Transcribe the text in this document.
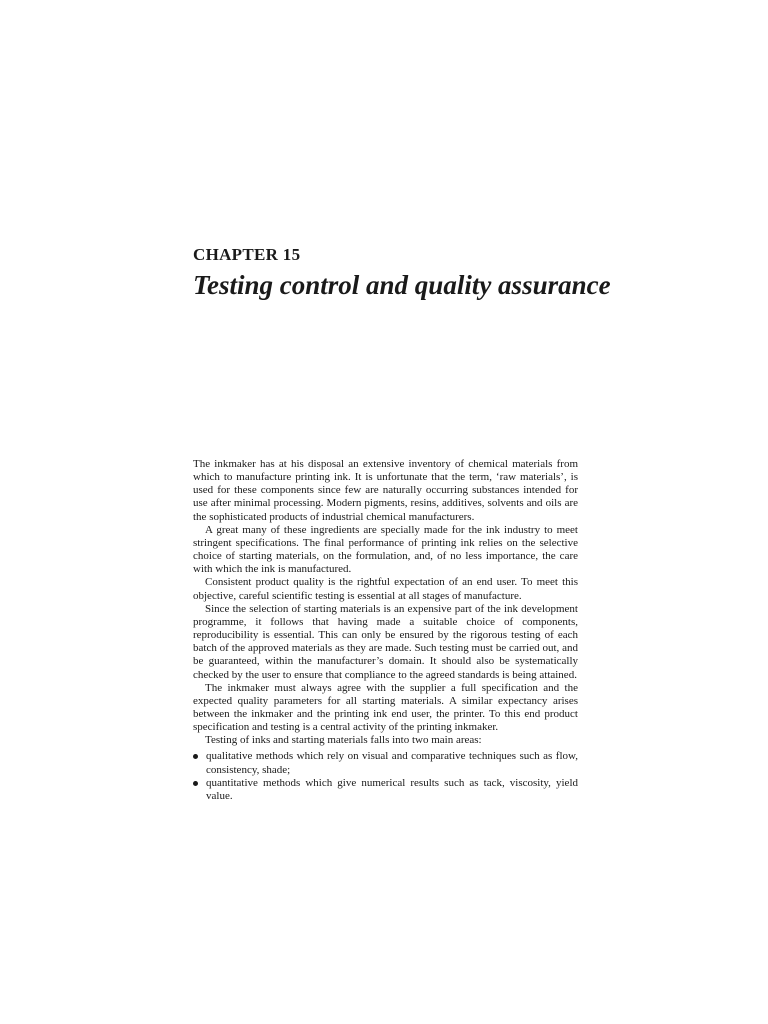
CHAPTER 15
Testing control and quality assurance

The inkmaker has at his disposal an extensive inventory of chemical materials from which to manufacture printing ink. It is unfortunate that the term, ‘raw materials’, is used for these components since few are naturally occurring substances intended for use after minimal processing. Modern pigments, resins, additives, solvents and oils are the sophisticated products of industrial chemical manufacturers.

A great many of these ingredients are specially made for the ink industry to meet stringent specifications. The final performance of printing ink relies on the selective choice of starting materials, on the formulation, and, of no less importance, the care with which the ink is manufactured.

Consistent product quality is the rightful expectation of an end user. To meet this objective, careful scientific testing is essential at all stages of manufacture.

Since the selection of starting materials is an expensive part of the ink development programme, it follows that having made a suitable choice of components, reproducibility is essential. This can only be ensured by the rigorous testing of each batch of the approved materials as they are made. Such testing must be carried out, and be guaranteed, within the manufacturer’s domain. It should also be systematically checked by the user to ensure that compliance to the agreed standards is being attained.

The inkmaker must always agree with the supplier a full specification and the expected quality parameters for all starting materials. A similar expectancy arises between the inkmaker and the printing ink end user, the printer. To this end product specification and testing is a central activity of the printing inkmaker.

Testing of inks and starting materials falls into two main areas:

qualitative methods which rely on visual and comparative techniques such as flow, consistency, shade;
quantitative methods which give numerical results such as tack, viscosity, yield value.
